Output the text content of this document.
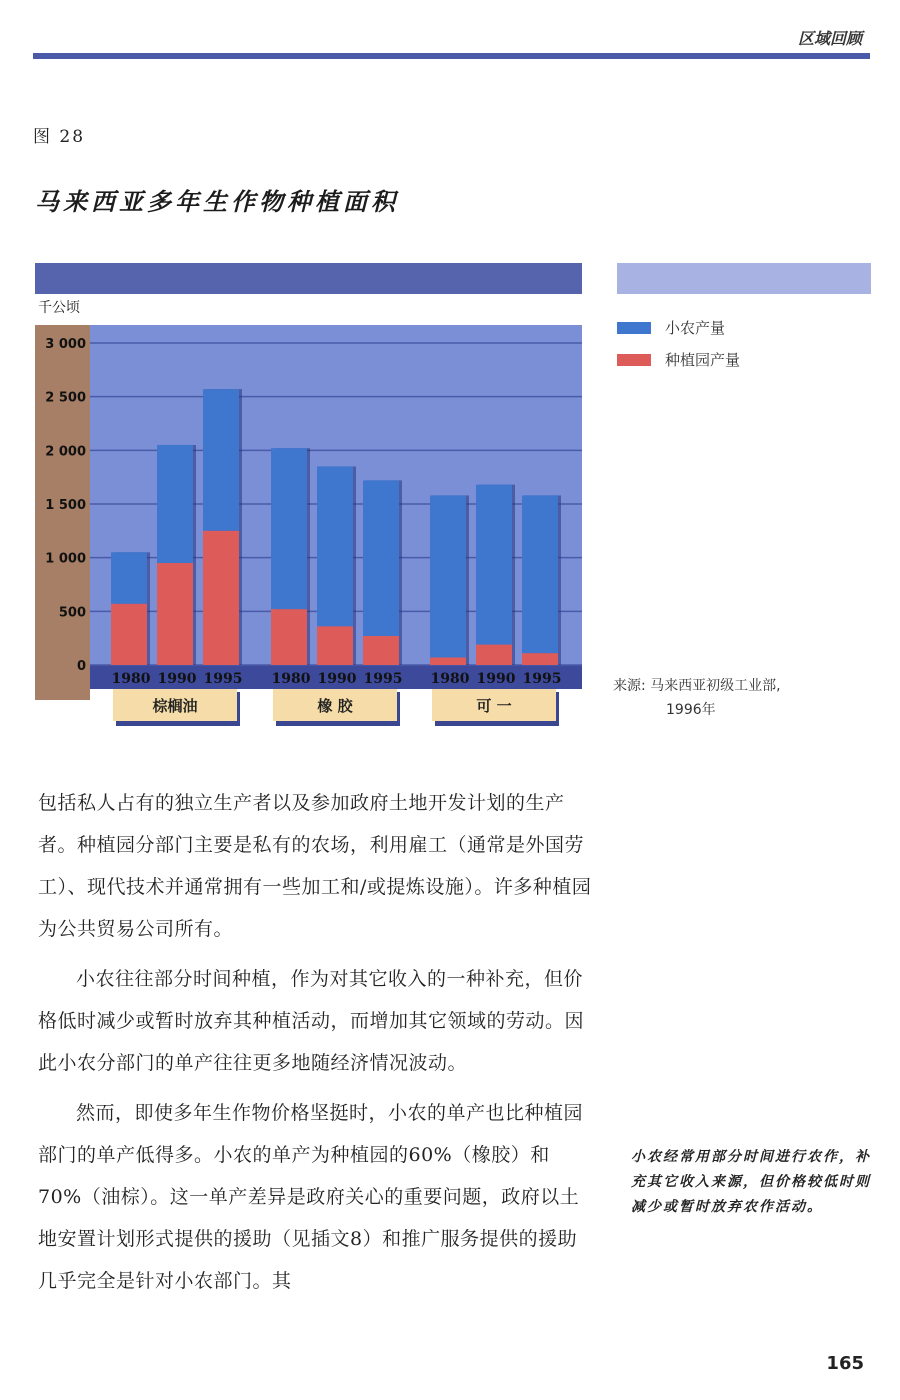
区域回顾
图 28
马来西亚多年生作物种植面积
千公顷
0
500
1 000
1 500
2 000
2 500
3 000
1980 1990 1995
棕榈油
1980 1990 1995
橡 胶
1980 1990 1995
可 一
小农产量
种植园产量
来源: 马来西亚初级工业部,
1996年

包括私人占有的独立生产者以及参加政府土地开发计划的生产者。种植园分部门主要是私有的农场，利用雇工（通常是外国劳工）、现代技术并通常拥有一些加工和/或提炼设施）。许多种植园为公共贸易公司所有。

小农往往部分时间种植，作为对其它收入的一种补充，但价格低时减少或暂时放弃其种植活动，而增加其它领域的劳动。因此小农分部门的单产往往更多地随经济情况波动。

然而，即使多年生作物价格坚挺时，小农的单产也比种植园部门的单产低得多。小农的单产为种植园的60%（橡胶）和70%（油棕）。这一单产差异是政府关心的重要问题，政府以土地安置计划形式提供的援助（见插文8）和推广服务提供的援助几乎完全是针对小农部门。其

小农经常用部分时间进行农作，补充其它收入来源，但价格较低时则减少或暂时放弃农作活动。
165
